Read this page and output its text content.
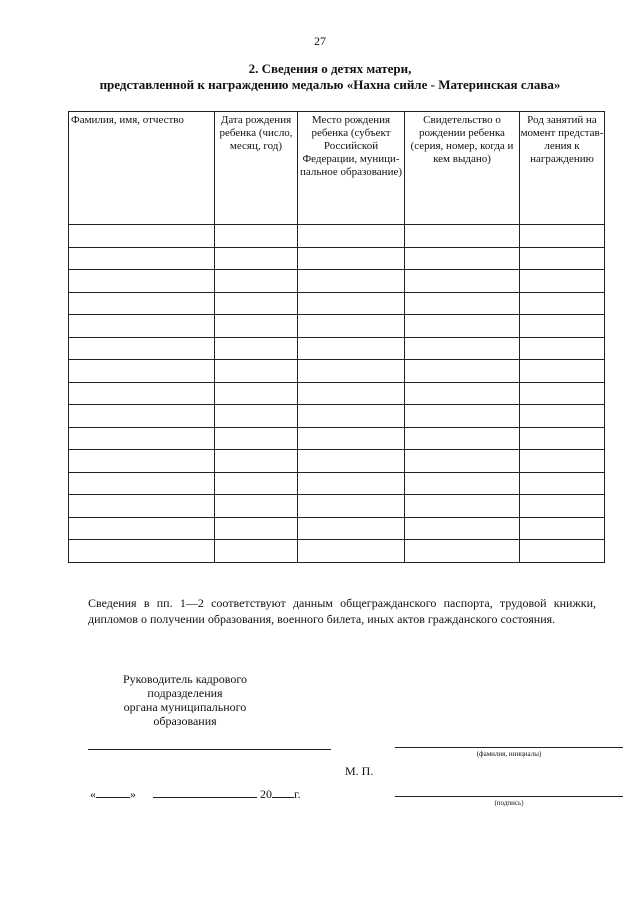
27
2. Сведения о детях матери,
представленной к награждению медалью «Нахна сийле - Материнская слава»
Фамилия, имя, отчество	Дата рождения ребенка (число, месяц, год)	Место рождения ребенка (субъект Российской Федерации, муници-пальное образование)	Свидетельство о рождении ребенка (серия, номер, когда и кем выдано)	Род занятий на момент представ-ления к награждению

Сведения в пп. 1—2 соответствуют данным общегражданского паспорта, трудовой книжки, дипломов о получении образования, военного билета, иных актов гражданского состояния.
Руководитель кадрового
подразделения
органа муниципального
образования
(фамилия, инициалы)
М. П.
«	»	20 г.
(подпись)
